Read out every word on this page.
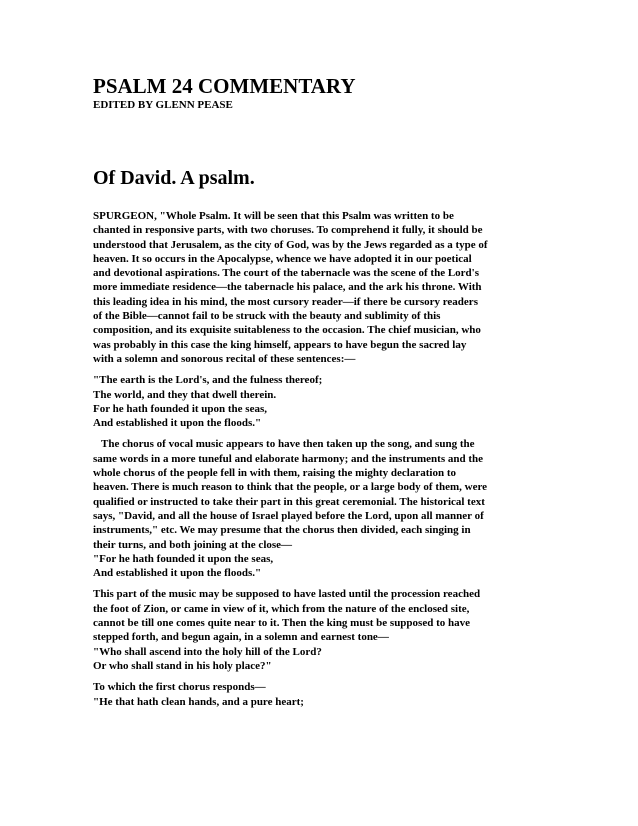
PSALM 24 COMMENTARY
EDITED BY GLENN PEASE
Of David. A psalm.
SPURGEON, "Whole Psalm. It will be seen that this Psalm was written to be
chanted in responsive parts, with two choruses. To comprehend it fully, it should be
understood that Jerusalem, as the city of God, was by the Jews regarded as a type of
heaven. It so occurs in the Apocalypse, whence we have adopted it in our poetical
and devotional aspirations. The court of the tabernacle was the scene of the Lord's
more immediate residence—the tabernacle his palace, and the ark his throne. With
this leading idea in his mind, the most cursory reader—if there be cursory readers
of the Bible—cannot fail to be struck with the beauty and sublimity of this
composition, and its exquisite suitableness to the occasion. The chief musician, who
was probably in this case the king himself, appears to have begun the sacred lay
with a solemn and sonorous recital of these sentences:—
"The earth is the Lord's, and the fulness thereof;
The world, and they that dwell therein.
For he hath founded it upon the seas,
And established it upon the floods."
The chorus of vocal music appears to have then taken up the song, and sung the
same words in a more tuneful and elaborate harmony; and the instruments and the
whole chorus of the people fell in with them, raising the mighty declaration to
heaven. There is much reason to think that the people, or a large body of them, were
qualified or instructed to take their part in this great ceremonial. The historical text
says, "David, and all the house of Israel played before the Lord, upon all manner of
instruments," etc. We may presume that the chorus then divided, each singing in
their turns, and both joining at the close—
"For he hath founded it upon the seas,
And established it upon the floods."
This part of the music may be supposed to have lasted until the procession reached
the foot of Zion, or came in view of it, which from the nature of the enclosed site,
cannot be till one comes quite near to it. Then the king must be supposed to have
stepped forth, and begun again, in a solemn and earnest tone—
"Who shall ascend into the holy hill of the Lord?
Or who shall stand in his holy place?"
To which the first chorus responds—
"He that hath clean hands, and a pure heart;
